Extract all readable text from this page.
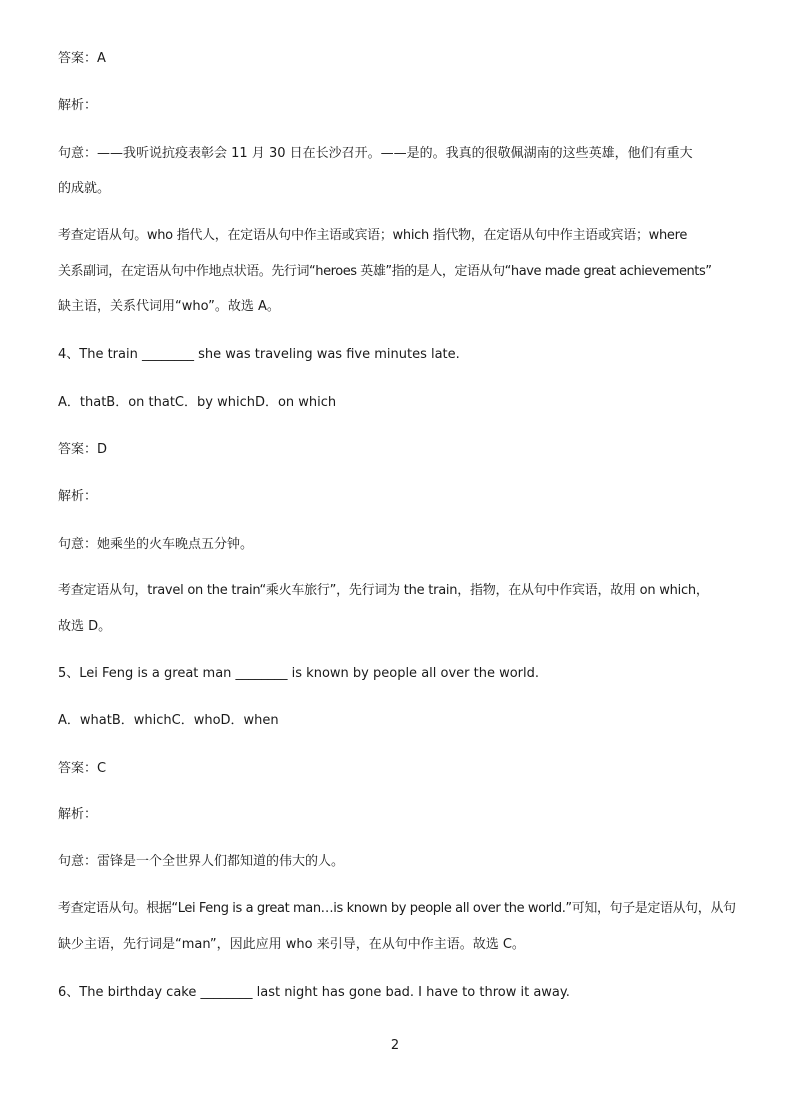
答案：A

解析：

句意：——我听说抗疫表彰会 11 月 30 日在长沙召开。——是的。我真的很敬佩湖南的这些英雄，他们有重大

的成就。

考查定语从句。who 指代人，在定语从句中作主语或宾语；which 指代物，在定语从句中作主语或宾语；where

关系副词，在定语从句中作地点状语。先行词“heroes 英雄”指的是人，定语从句“have made great achievements”

缺主语，关系代词用“who”。故选 A。

4、The train ________ she was traveling was five minutes late.

A．thatB．on thatC．by whichD．on which

答案：D

解析：

句意：她乘坐的火车晚点五分钟。

考查定语从句，travel on the train“乘火车旅行”，先行词为 the train，指物，在从句中作宾语，故用 on which，

故选 D。

5、Lei Feng is a great man ________ is known by people all over the world.

A．whatB．whichC．whoD．when

答案：C

解析：

句意：雷锋是一个全世界人们都知道的伟大的人。

考查定语从句。根据“Lei Feng is a great man…is known by people all over the world.”可知，句子是定语从句，从句

缺少主语，先行词是“man”，因此应用 who 来引导，在从句中作主语。故选 C。

6、The birthday cake ________ last night has gone bad. I have to throw it away.

2
